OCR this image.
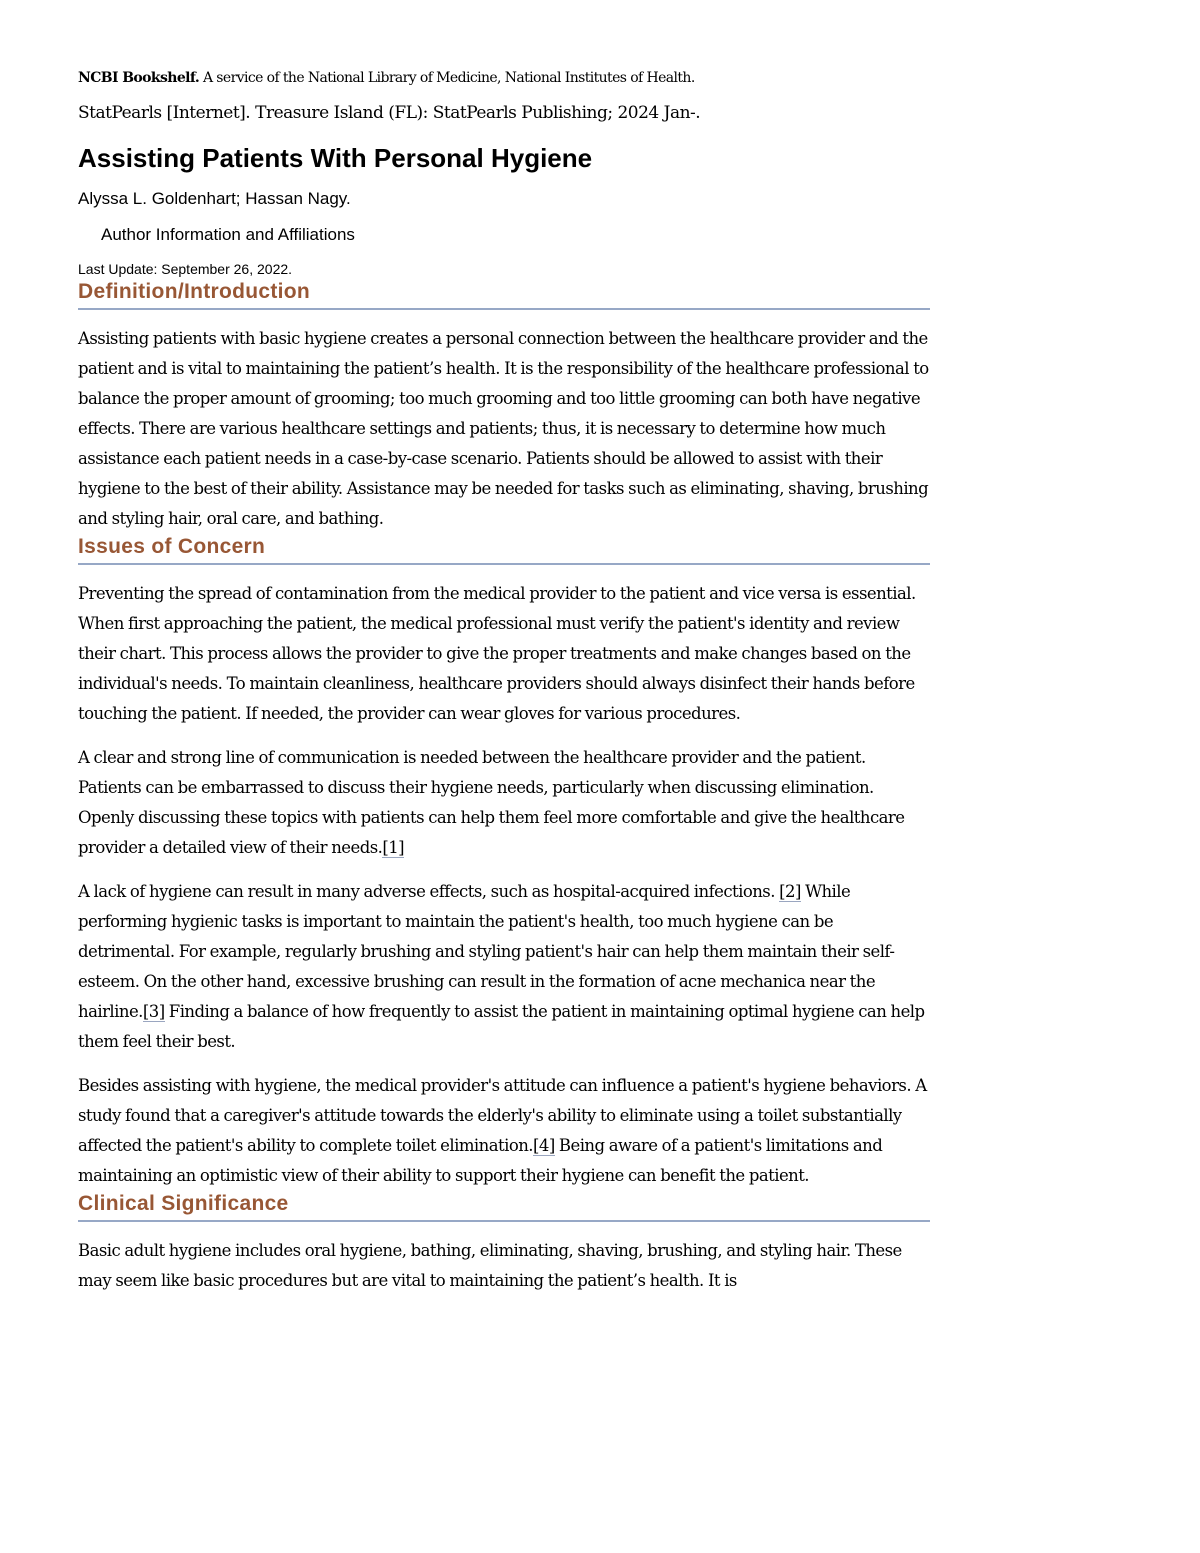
NCBI Bookshelf. A service of the National Library of Medicine, National Institutes of Health.

StatPearls [Internet]. Treasure Island (FL): StatPearls Publishing; 2024 Jan-.

Assisting Patients With Personal Hygiene

Alyssa L. Goldenhart; Hassan Nagy.

Author Information and Affiliations

Last Update: September 26, 2022.

Definition/Introduction

Assisting patients with basic hygiene creates a personal connection between the healthcare provider and the patient and is vital to maintaining the patient’s health. It is the responsibility of the healthcare professional to balance the proper amount of grooming; too much grooming and too little grooming can both have negative effects. There are various healthcare settings and patients; thus, it is necessary to determine how much assistance each patient needs in a case-by-case scenario. Patients should be allowed to assist with their hygiene to the best of their ability. Assistance may be needed for tasks such as eliminating, shaving, brushing and styling hair, oral care, and bathing.

Issues of Concern

Preventing the spread of contamination from the medical provider to the patient and vice versa is essential. When first approaching the patient, the medical professional must verify the patient's identity and review their chart. This process allows the provider to give the proper treatments and make changes based on the individual's needs. To maintain cleanliness, healthcare providers should always disinfect their hands before touching the patient. If needed, the provider can wear gloves for various procedures.

A clear and strong line of communication is needed between the healthcare provider and the patient. Patients can be embarrassed to discuss their hygiene needs, particularly when discussing elimination. Openly discussing these topics with patients can help them feel more comfortable and give the healthcare provider a detailed view of their needs.[1]

A lack of hygiene can result in many adverse effects, such as hospital-acquired infections. [2] While performing hygienic tasks is important to maintain the patient's health, too much hygiene can be detrimental. For example, regularly brushing and styling patient's hair can help them maintain their self-esteem. On the other hand, excessive brushing can result in the formation of acne mechanica near the hairline.[3] Finding a balance of how frequently to assist the patient in maintaining optimal hygiene can help them feel their best.

Besides assisting with hygiene, the medical provider's attitude can influence a patient's hygiene behaviors. A study found that a caregiver's attitude towards the elderly's ability to eliminate using a toilet substantially affected the patient's ability to complete toilet elimination.[4] Being aware of a patient's limitations and maintaining an optimistic view of their ability to support their hygiene can benefit the patient.

Clinical Significance

Basic adult hygiene includes oral hygiene, bathing, eliminating, shaving, brushing, and styling hair. These may seem like basic procedures but are vital to maintaining the patient’s health. It is
